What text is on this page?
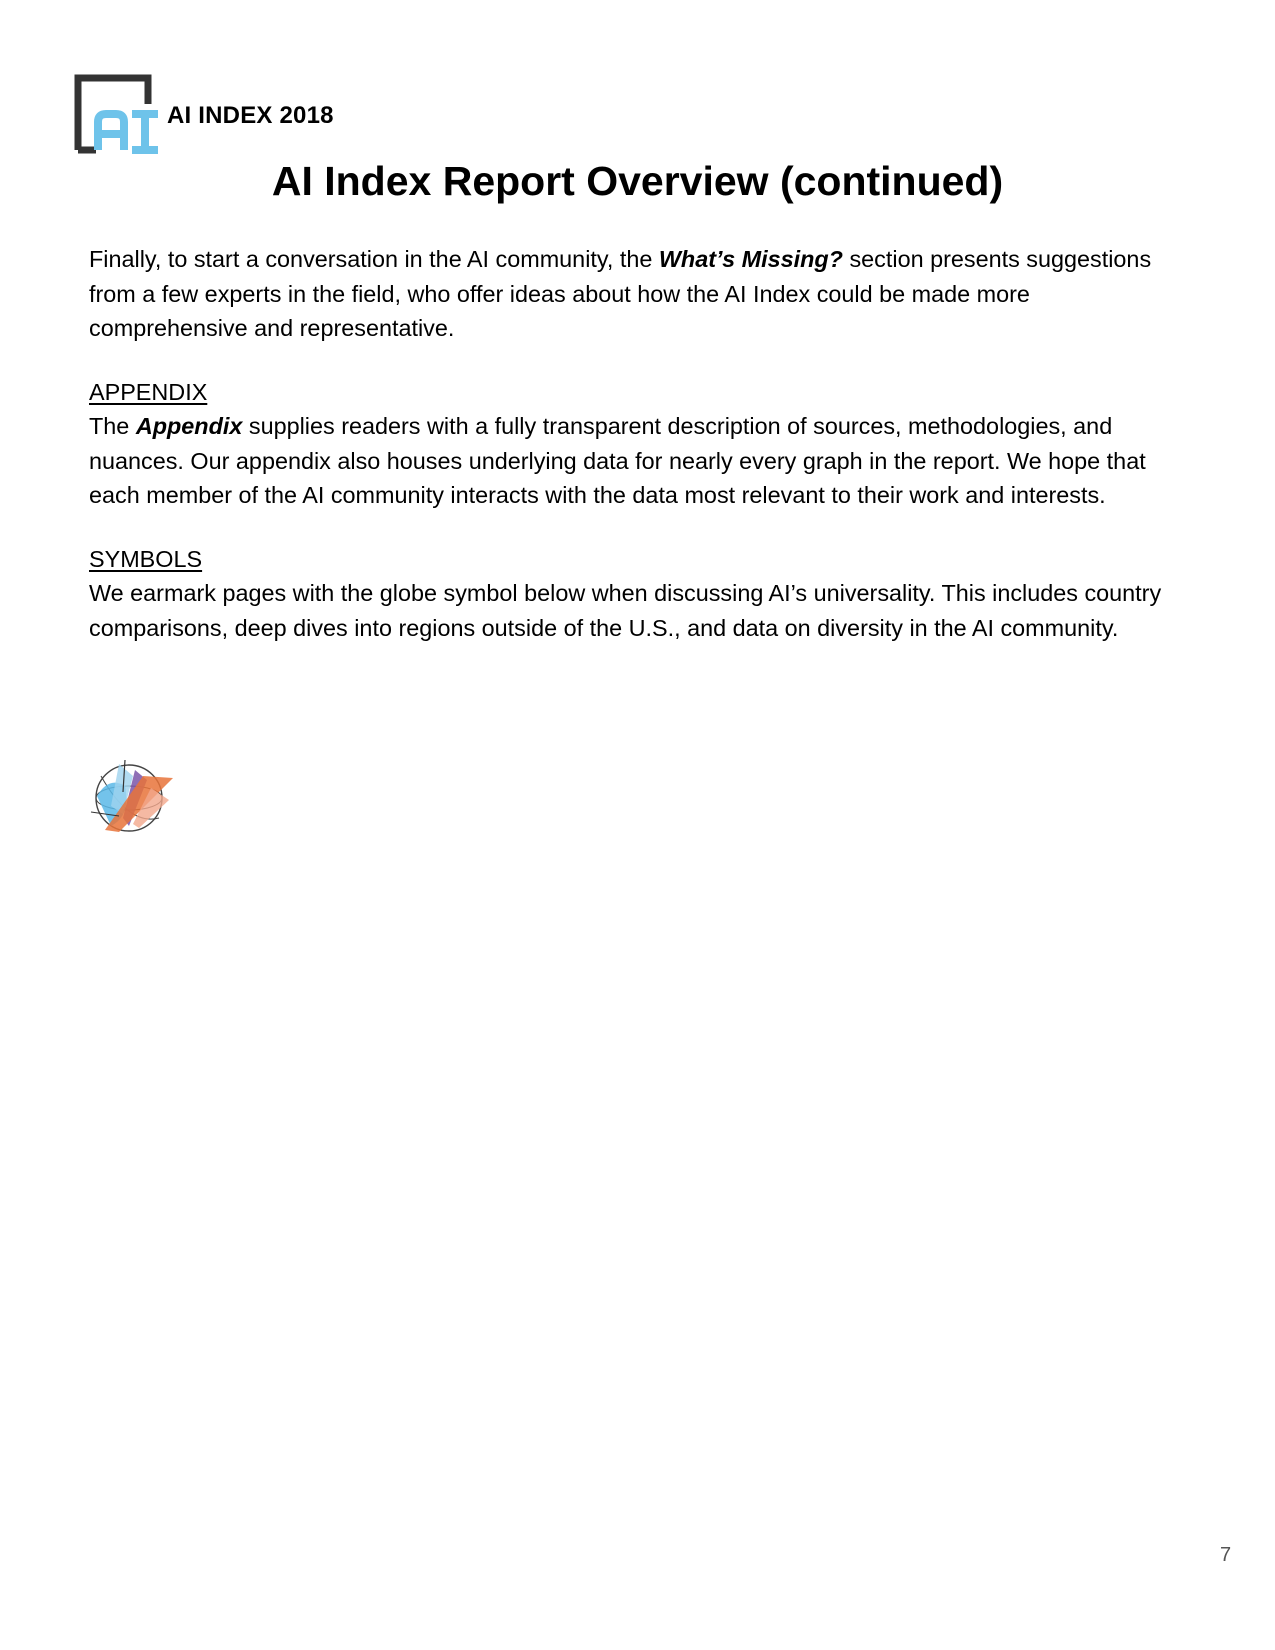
AI INDEX 2018
AI Index Report Overview (continued)

Finally, to start a conversation in the AI community, the What’s Missing? section presents suggestions from a few experts in the field, who offer ideas about how the AI Index could be made more comprehensive and representative.

APPENDIX

The Appendix supplies readers with a fully transparent description of sources, methodologies, and nuances. Our appendix also houses underlying data for nearly every graph in the report. We hope that each member of the AI community interacts with the data most relevant to their work and interests.

SYMBOLS

We earmark pages with the globe symbol below when discussing AI’s universality. This includes country comparisons, deep dives into regions outside of the U.S., and data on diversity in the AI community.

7
